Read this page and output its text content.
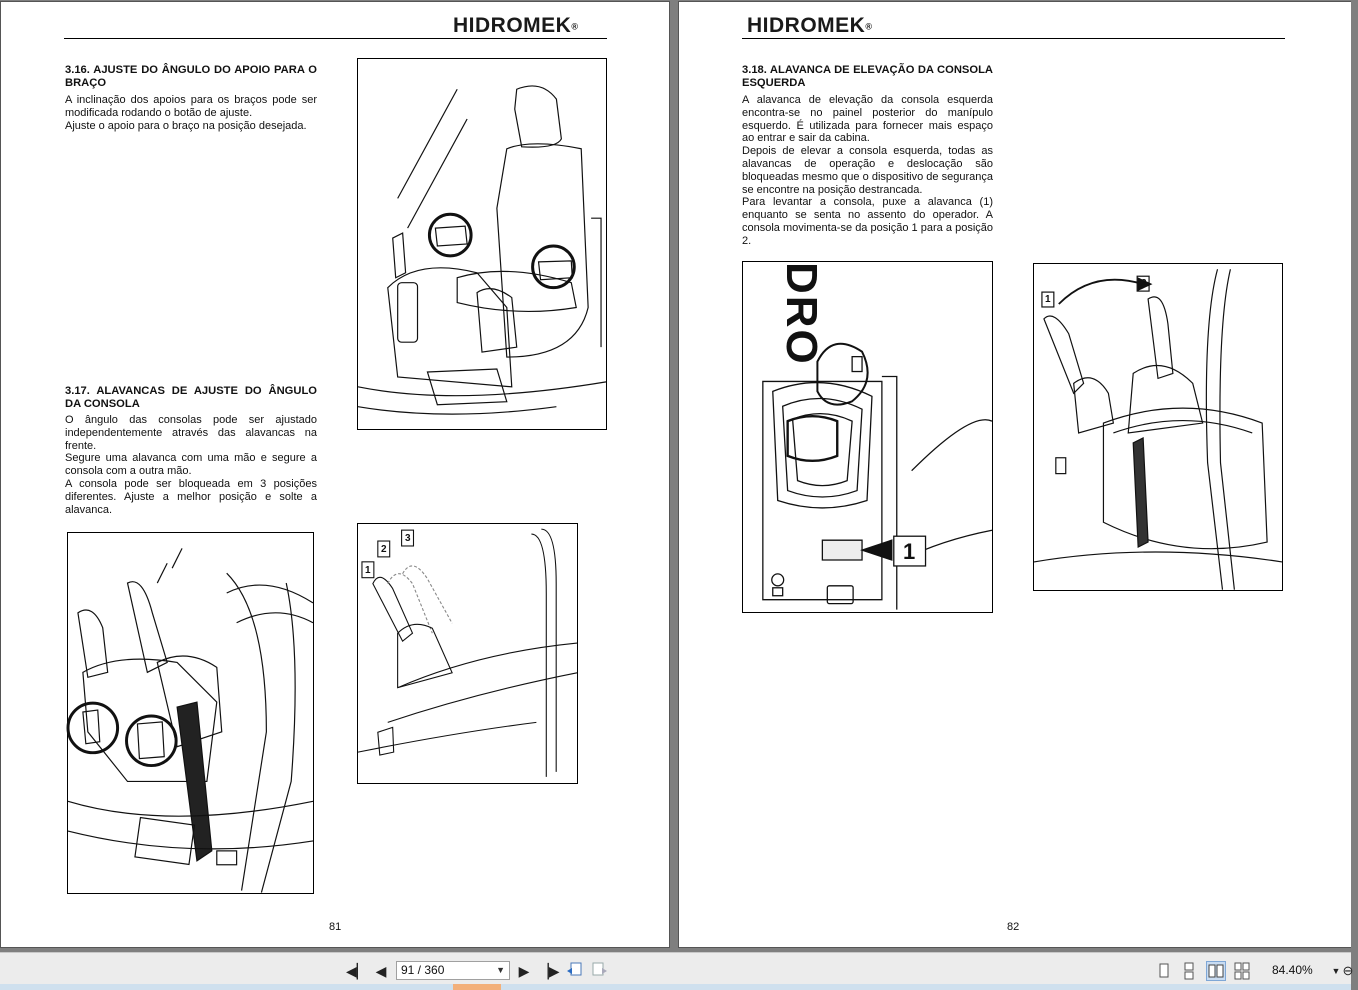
HIDROMEK®
3.16. AJUSTE DO ÂNGULO DO APOIO PARA O BRAÇO

A inclinação dos apoios para os braços pode ser modificada rodando o botão de ajuste.

Ajuste o apoio para o braço na posição desejada.

3.17. ALAVANCAS DE AJUSTE DO ÂNGULO DA CONSOLA

O ângulo das consolas pode ser ajustado independentemente através das alavancas na frente.

Segure uma alavanca com uma mão e segure a consola com a outra mão.

A consola pode ser bloqueada em 3 posições diferentes. Ajuste a melhor posição e solte a alavanca.

1
2
3
81
HIDROMEK®
3.18. ALAVANCA DE ELEVAÇÃO DA CONSOLA ESQUERDA

A alavanca de elevação da consola esquerda encontra-se no painel posterior do manípulo esquerdo. É utilizada para fornecer mais espaço ao entrar e sair da cabina.

Depois de elevar a consola esquerda, todas as alavancas de operação e deslocação são bloqueadas mesmo que o dispositivo de segurança se encontre na posição destrancada.

Para levantar a consola, puxe a alavanca (1) enquanto se senta no assento do operador. A consola movimenta-se da posição 1 para a posição 2.

DRO
1
1
2
82
◀▏ ◀	91 / 360	▼ ▶ ▕▶	84.40%	▼ ⊖
